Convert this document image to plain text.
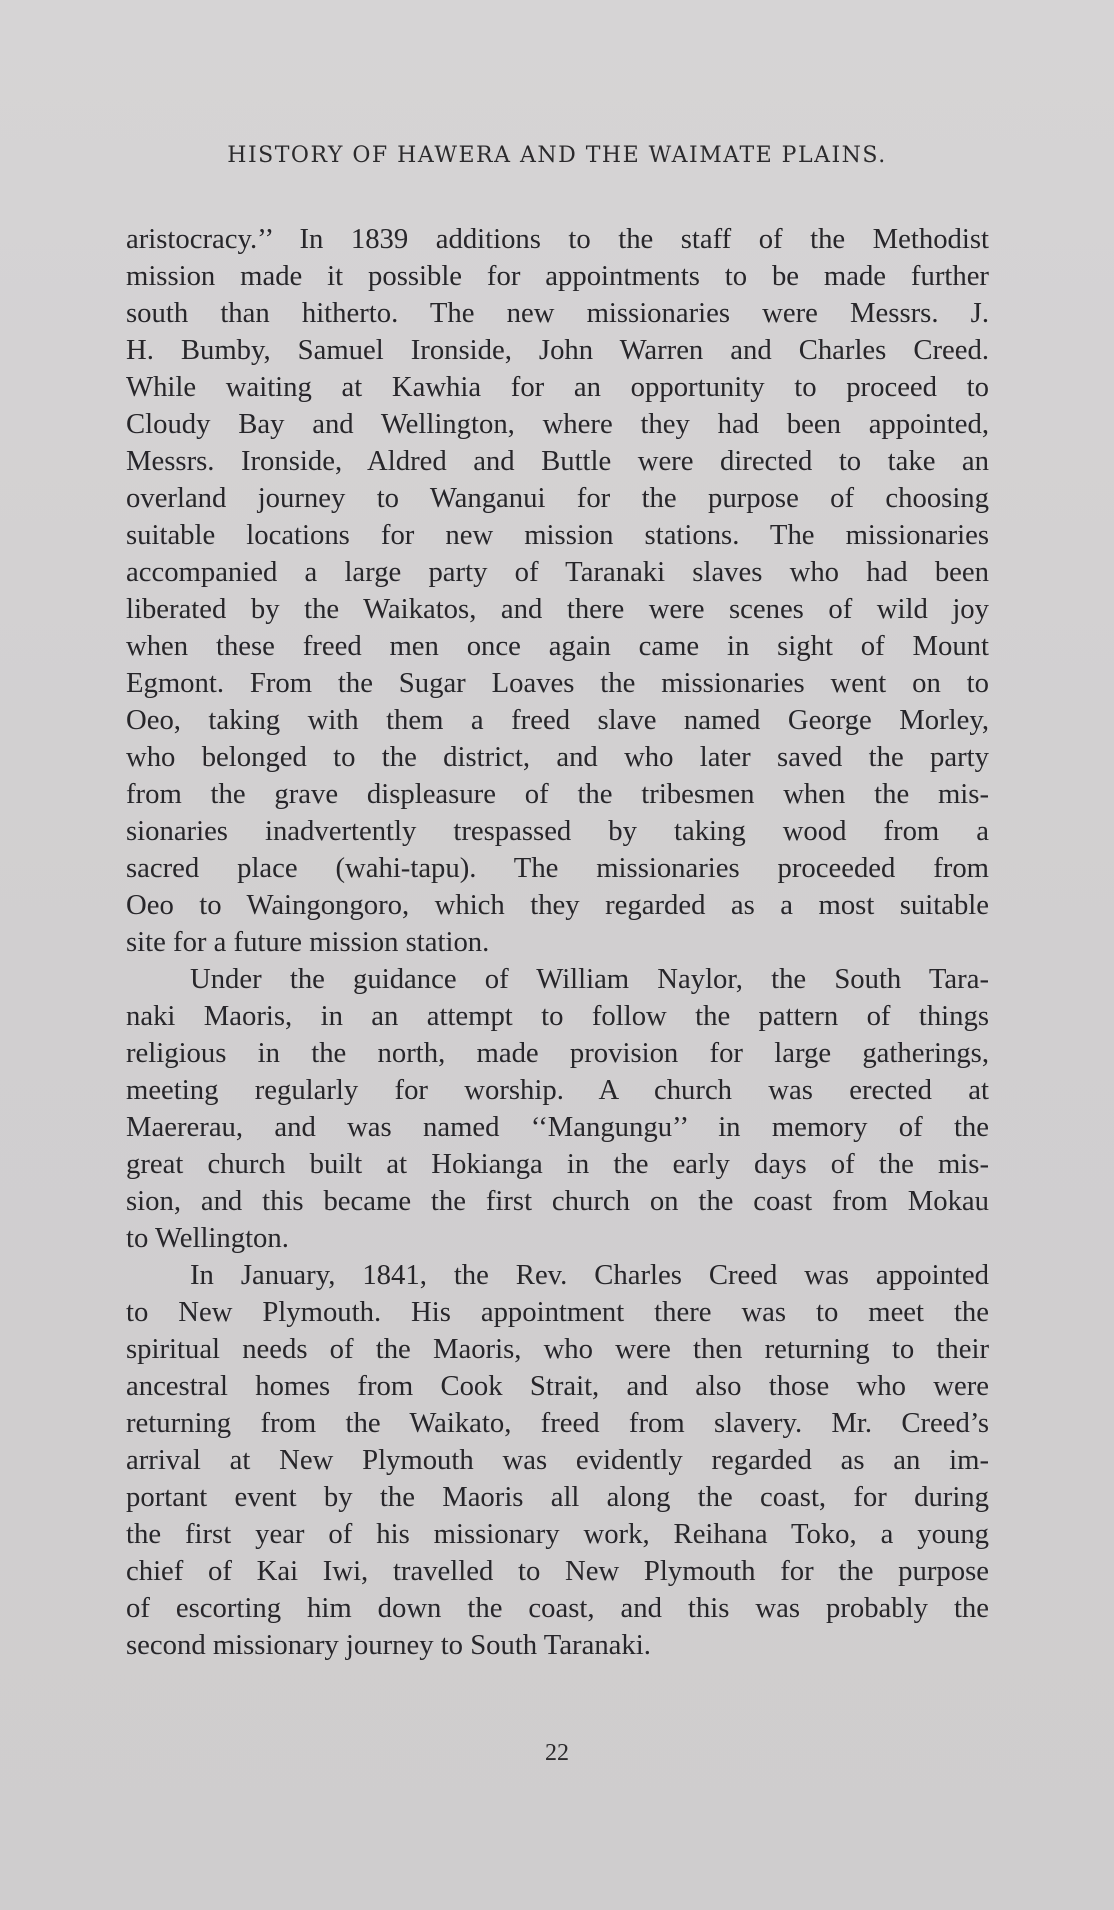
HISTORY OF HAWERA AND THE WAIMATE PLAINS.
aristocracy.’’ In 1839 additions to the staff of the Methodist
mission made it possible for appointments to be made further
south than hitherto. The new missionaries were Messrs. J.
H. Bumby, Samuel Ironside, John Warren and Charles Creed.
While waiting at Kawhia for an opportunity to proceed to
Cloudy Bay and Wellington, where they had been appointed,
Messrs. Ironside, Aldred and Buttle were directed to take an
overland journey to Wanganui for the purpose of choosing
suitable locations for new mission stations. The missionaries
accompanied a large party of Taranaki slaves who had been
liberated by the Waikatos, and there were scenes of wild joy
when these freed men once again came in sight of Mount
Egmont. From the Sugar Loaves the missionaries went on to
Oeo, taking with them a freed slave named George Morley,
who belonged to the district, and who later saved the party
from the grave displeasure of the tribesmen when the mis-
sionaries inadvertently trespassed by taking wood from a
sacred place (wahi-tapu). The missionaries proceeded from
Oeo to Waingongoro, which they regarded as a most suitable
site for a future mission station.
Under the guidance of William Naylor, the South Tara-
naki Maoris, in an attempt to follow the pattern of things
religious in the north, made provision for large gatherings,
meeting regularly for worship. A church was erected at
Maererau, and was named ‘‘Mangungu’’ in memory of the
great church built at Hokianga in the early days of the mis-
sion, and this became the first church on the coast from Mokau
to Wellington.
In January, 1841, the Rev. Charles Creed was appointed
to New Plymouth. His appointment there was to meet the
spiritual needs of the Maoris, who were then returning to their
ancestral homes from Cook Strait, and also those who were
returning from the Waikato, freed from slavery. Mr. Creed’s
arrival at New Plymouth was evidently regarded as an im-
portant event by the Maoris all along the coast, for during
the first year of his missionary work, Reihana Toko, a young
chief of Kai Iwi, travelled to New Plymouth for the purpose
of escorting him down the coast, and this was probably the
second missionary journey to South Taranaki.
22
